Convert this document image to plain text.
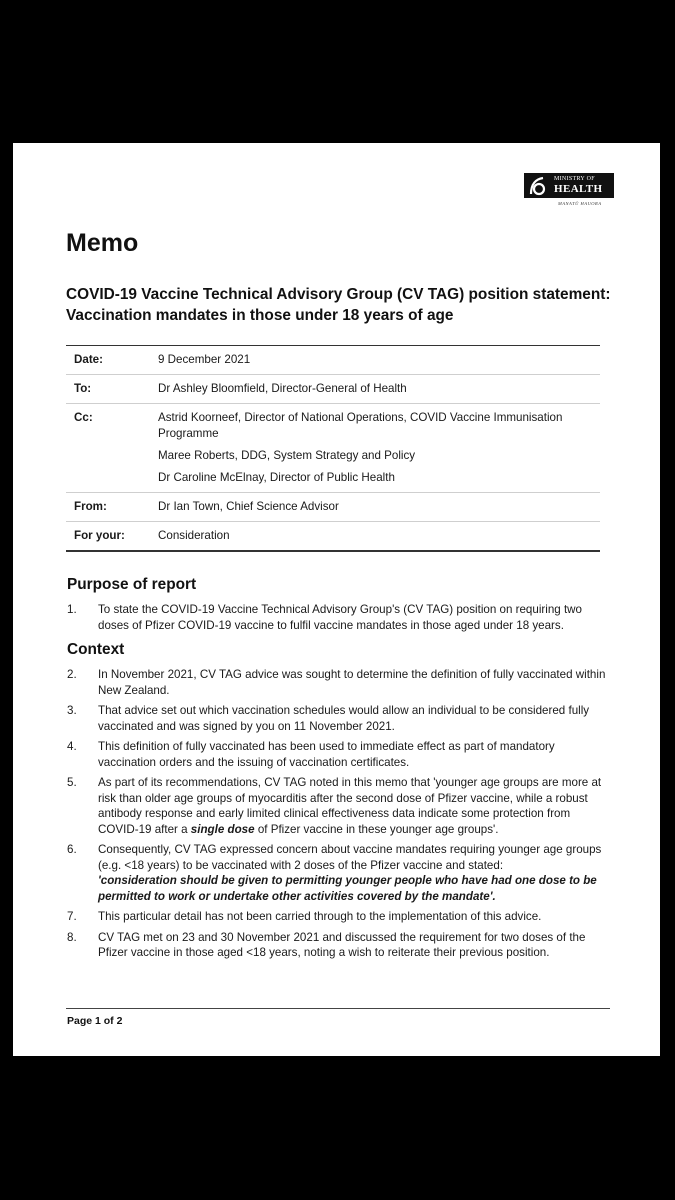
MINISTRY OF
HEALTH
MANATŪ HAUORA
Memo

COVID-19 Vaccine Technical Advisory Group (CV TAG) position statement: Vaccination mandates in those under 18 years of age

Date:	9 December 2021
To:	Dr Ashley Bloomfield, Director-General of Health
Cc:	Astrid Koorneef, Director of National Operations, COVID Vaccine Immunisation Programme

Maree Roberts, DDG, System Strategy and Policy

Dr Caroline McElnay, Director of Public Health

From:	Dr Ian Town, Chief Science Advisor
For your:	Consideration
Purpose of report
1.	To state the COVID-19 Vaccine Technical Advisory Group's (CV TAG) position on requiring two doses of Pfizer COVID-19 vaccine to fulfil vaccine mandates in those aged under 18 years.
Context
2.	In November 2021, CV TAG advice was sought to determine the definition of fully vaccinated within New Zealand.
3.	That advice set out which vaccination schedules would allow an individual to be considered fully vaccinated and was signed by you on 11 November 2021.
4.	This definition of fully vaccinated has been used to immediate effect as part of mandatory vaccination orders and the issuing of vaccination certificates.
5.	As part of its recommendations, CV TAG noted in this memo that 'younger age groups are more at risk than older age groups of myocarditis after the second dose of Pfizer vaccine, while a robust antibody response and early limited clinical effectiveness data indicate some protection from COVID-19 after a single dose of Pfizer vaccine in these younger age groups'.
6.	Consequently, CV TAG expressed concern about vaccine mandates requiring younger age groups (e.g. <18 years) to be vaccinated with 2 doses of the Pfizer vaccine and stated:
'consideration should be given to permitting younger people who have had one dose to be permitted to work or undertake other activities covered by the mandate'.
7.	This particular detail has not been carried through to the implementation of this advice.
8.	CV TAG met on 23 and 30 November 2021 and discussed the requirement for two doses of the Pfizer vaccine in those aged <18 years, noting a wish to reiterate their previous position.
Page 1 of 2
